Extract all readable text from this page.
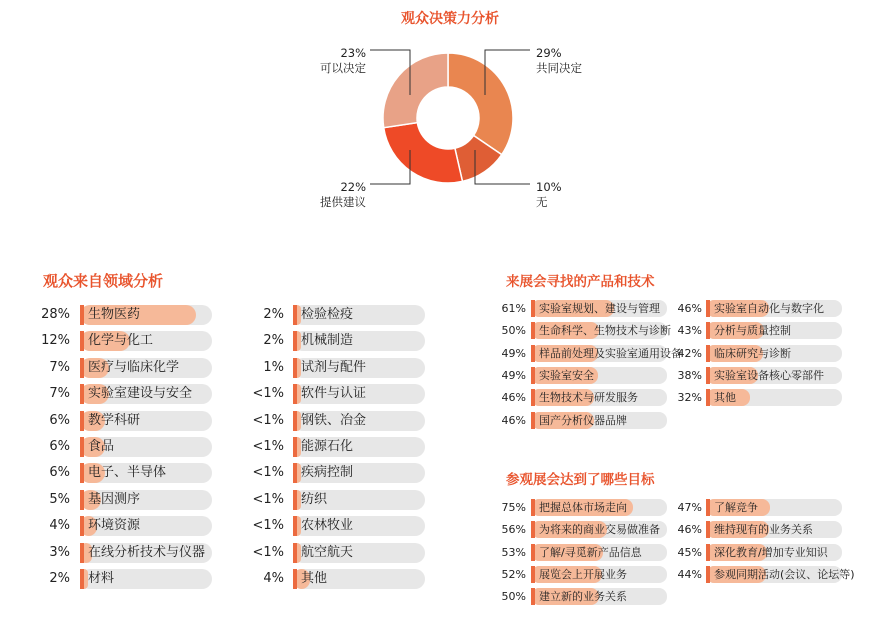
观众决策力分析
23%
可以决定
29%
共同决定
22%
提供建议
10%
无
观众来自领域分析	来展会寻找的产品和技术
参观展会达到了哪些目标
28% 生物医药
12% 化学与化工
7% 医疗与临床化学
7% 实验室建设与安全
6% 教学科研
6% 食品
6% 电子、半导体
5% 基因测序
4% 环境资源
3% 在线分析技术与仪器
2% 材料
2% 检验检疫
2% 机械制造
1% 试剂与配件
<1% 软件与认证
<1% 钢铁、冶金
<1% 能源石化
<1% 疾病控制
<1% 纺织
<1% 农林牧业
<1% 航空航天
4% 其他
61% 实验室规划、建设与管理
50% 生命科学、生物技术与诊断
49% 样品前处理及实验室通用设备
49% 实验室安全
46% 生物技术与研发服务
46% 国产分析仪器品牌
46% 实验室自动化与数字化
43% 分析与质量控制
42% 临床研究与诊断
38% 实验室设备核心零部件
32% 其他
75% 把握总体市场走向
56% 为将来的商业交易做准备
53% 了解/寻觅新产品信息
52% 展览会上开展业务
50% 建立新的业务关系
47% 了解竞争
46% 维持现有的业务关系
45% 深化教育/增加专业知识
44% 参观同期活动(会议、论坛等)
